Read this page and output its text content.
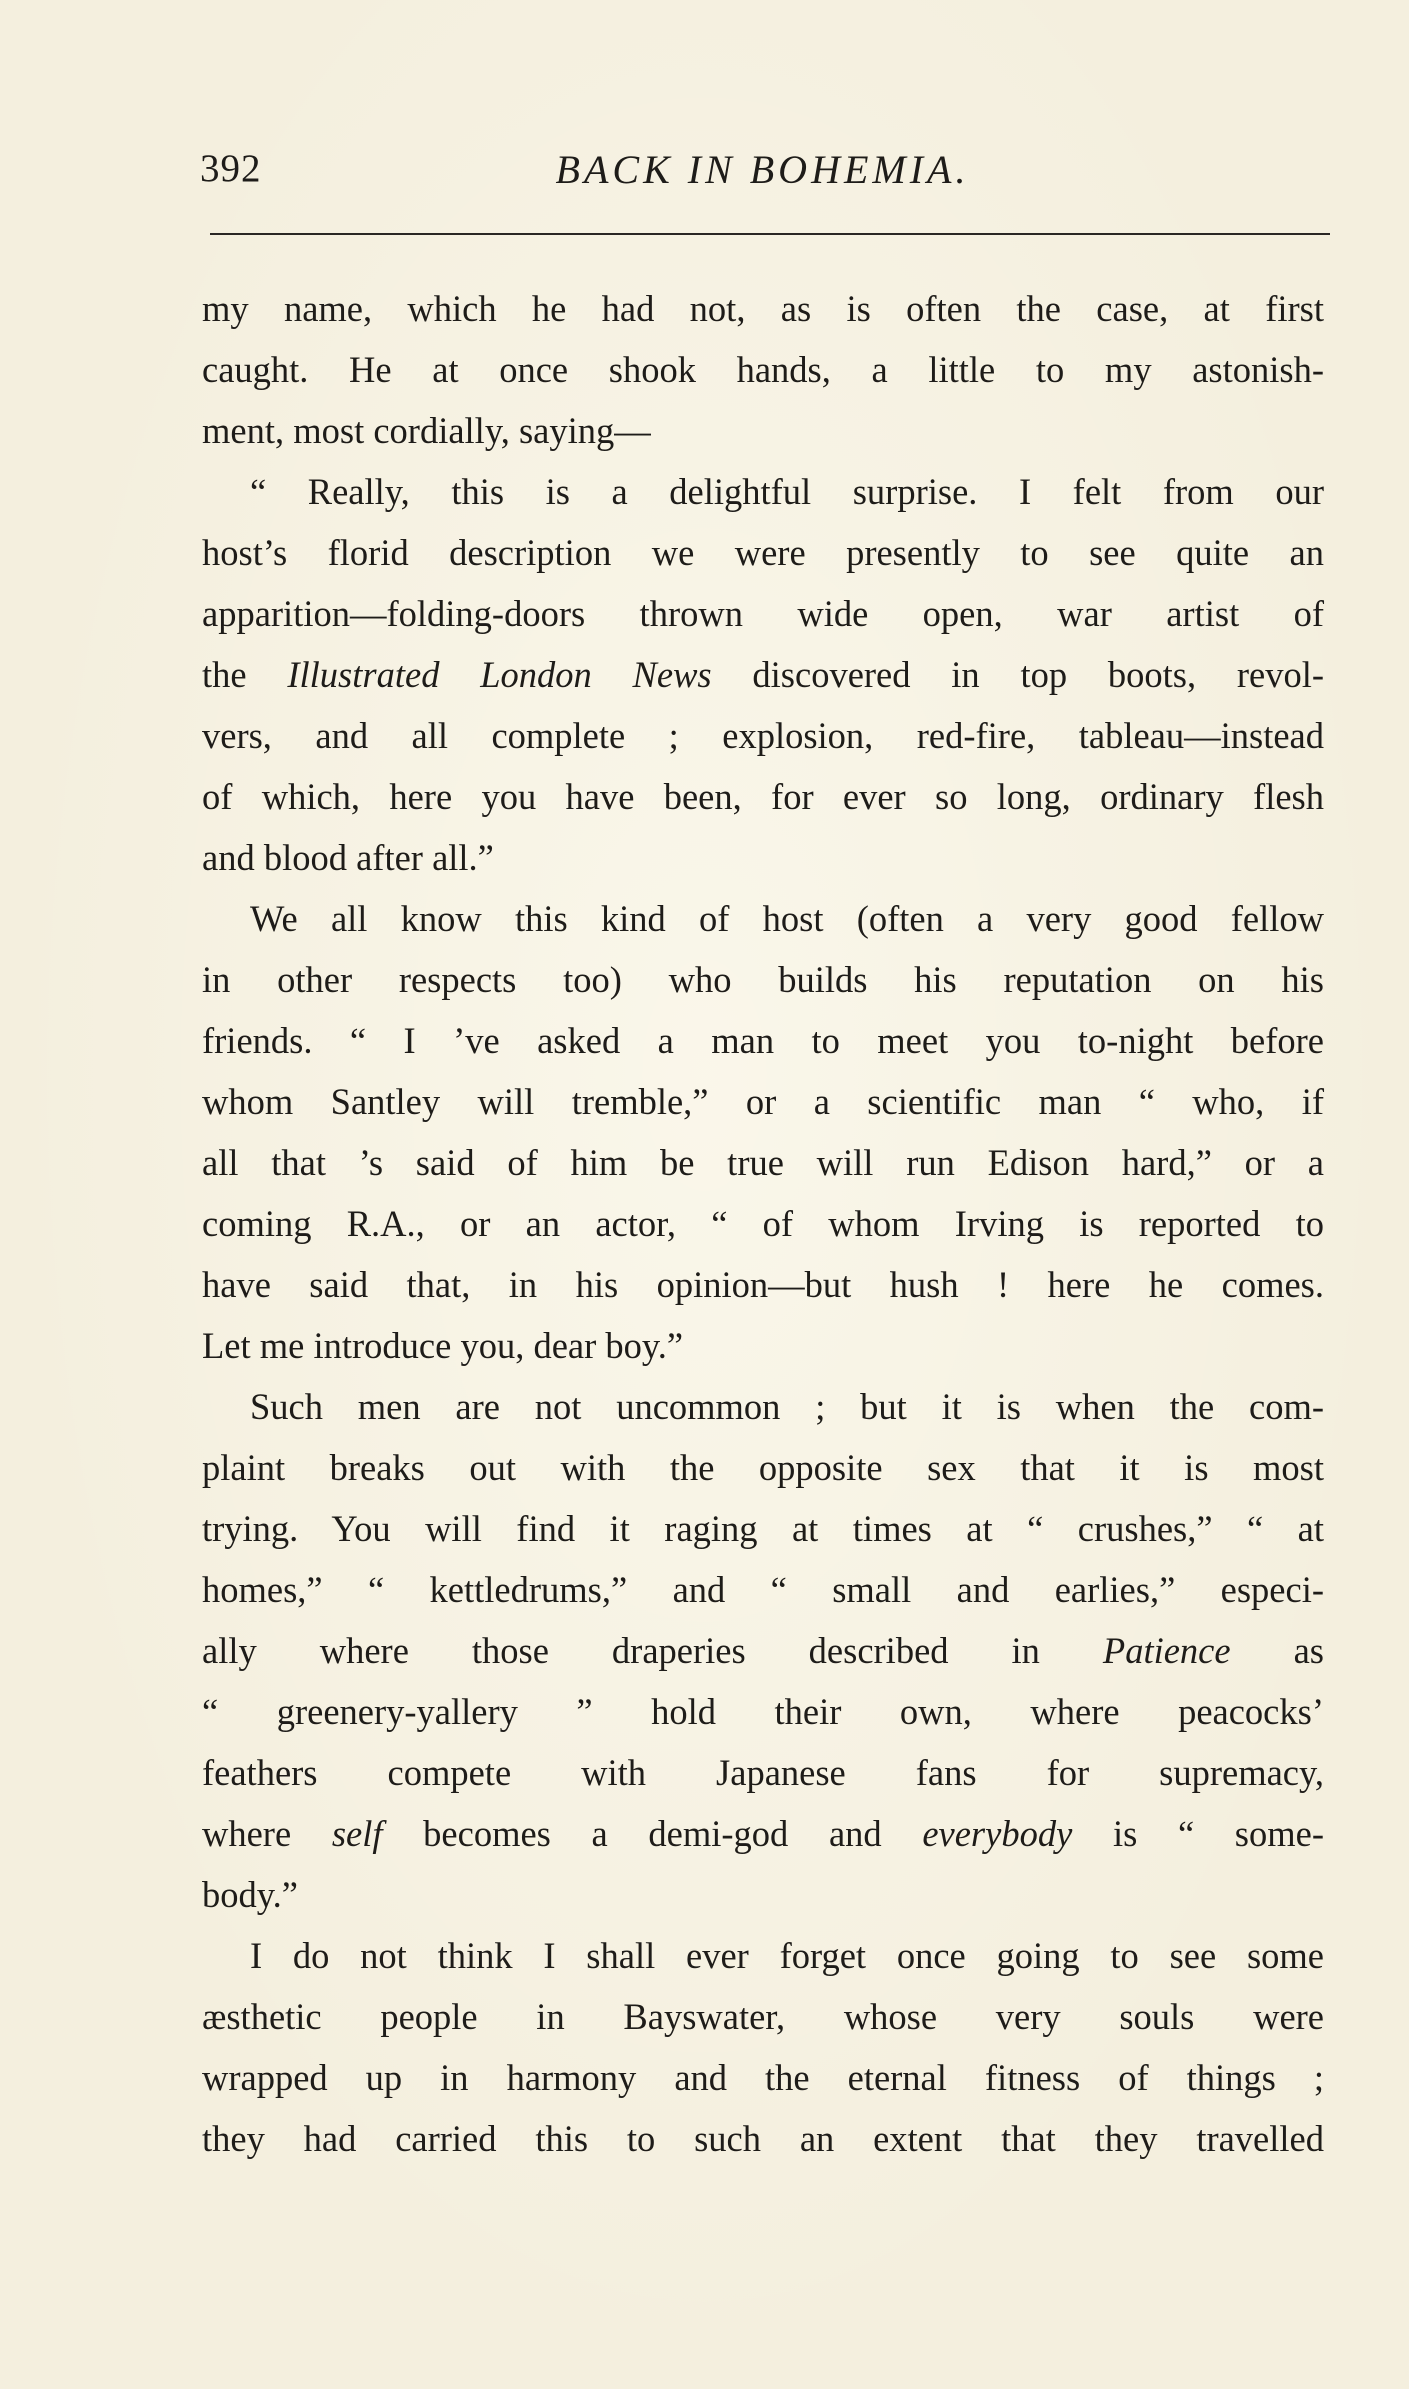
392	BACK IN BOHEMIA.
my name, which he had not, as is often the case, at first
caught. He at once shook hands, a little to my astonish-
ment, most cordially, saying—
“ Really, this is a delightful surprise. I felt from our
host’s florid description we were presently to see quite an
apparition—folding-doors thrown wide open, war artist of
the Illustrated London News discovered in top boots, revol-
vers, and all complete ; explosion, red-fire, tableau—instead
of which, here you have been, for ever so long, ordinary flesh
and blood after all.”
We all know this kind of host (often a very good fellow
in other respects too) who builds his reputation on his
friends. “ I ’ve asked a man to meet you to-night before
whom Santley will tremble,” or a scientific man “ who, if
all that ’s said of him be true will run Edison hard,” or a
coming R.A., or an actor, “ of whom Irving is reported to
have said that, in his opinion—but hush ! here he comes.
Let me introduce you, dear boy.”
Such men are not uncommon ; but it is when the com-
plaint breaks out with the opposite sex that it is most
trying. You will find it raging at times at “ crushes,” “ at
homes,” “ kettledrums,” and “ small and earlies,” especi-
ally where those draperies described in Patience as
“ greenery-yallery ” hold their own, where peacocks’
feathers compete with Japanese fans for supremacy,
where self becomes a demi-god and everybody is “ some-
body.”
I do not think I shall ever forget once going to see some
æsthetic people in Bayswater, whose very souls were
wrapped up in harmony and the eternal fitness of things ;
they had carried this to such an extent that they travelled
